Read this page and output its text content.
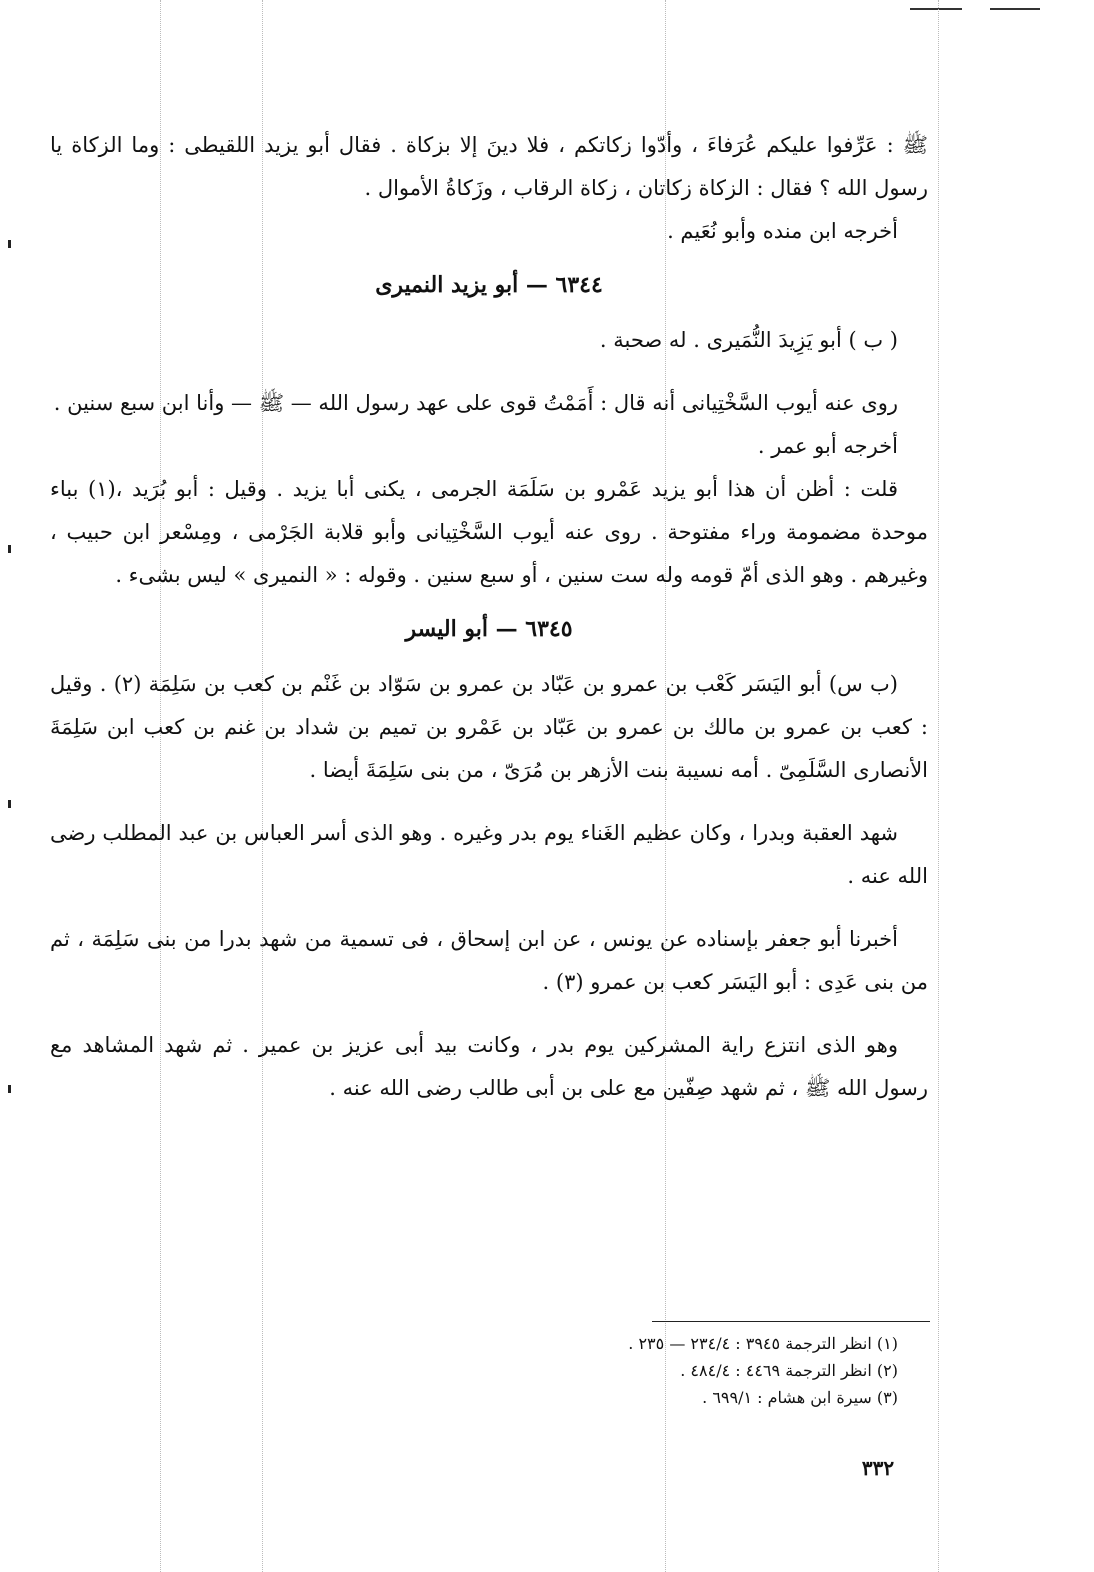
ﷺ : عَرِّفوا عليكم عُرَفاءَ ، وأدّوا زكاتكم ، فلا دينَ إلا بزكاة . فقال أبو يزيد اللقيطى : وما الزكاة يا رسول الله ؟ فقال : الزكاة زكاتان ، زكاة الرقاب ، وزَكاةُ الأموال .

أخرجه ابن منده وأبو نُعَيم .

٦٣٤٤ — أبو يزيد النميرى

( ب ) أبو يَزِيدَ النُّمَيرى . له صحبة .

روى عنه أيوب السَّخْتِيانى أنه قال : أَمَمْتُ قوى على عهد رسول الله — ﷺ — وأنا ابن سبع سنين .

أخرجه أبو عمر .

قلت : أظن أن هذا أبو يزيد عَمْرو بن سَلَمَة الجرمى ، يكنى أبا يزيد . وقيل : أبو بُرَيد ،(١) بباء موحدة مضمومة وراء مفتوحة . روى عنه أيوب السَّخْتِيانى وأبو قلابة الجَرْمى ، ومِسْعر ابن حبيب ، وغيرهم . وهو الذى أمّ قومه وله ست سنين ، أو سبع سنين . وقوله : « النميرى » ليس بشىء .

٦٣٤٥ — أبو اليسر

(ب س) أبو اليَسَر كَعْب بن عمرو بن عَبّاد بن عمرو بن سَوّاد بن غَنْم بن كعب بن سَلِمَة (٢) . وقيل : كعب بن عمرو بن مالك بن عمرو بن عَبّاد بن عَمْرو بن تميم بن شداد بن غنم بن كعب ابن سَلِمَةَ الأنصارى السَّلَمِىّ . أمه نسيبة بنت الأزهر بن مُرَىّ ، من بنى سَلِمَةَ أيضا .

شهد العقبة وبدرا ، وكان عظيم الغَناء يوم بدر وغيره . وهو الذى أسر العباس بن عبد المطلب رضى الله عنه .

أخبرنا أبو جعفر بإسناده عن يونس ، عن ابن إسحاق ، فى تسمية من شهد بدرا من بنى سَلِمَة ، ثم من بنى عَدِى : أبو اليَسَر كعب بن عمرو (٣) .

وهو الذى انتزع راية المشركين يوم بدر ، وكانت بيد أبى عزيز بن عمير . ثم شهد المشاهد مع رسول الله ﷺ ، ثم شهد صِفّين مع على بن أبى طالب رضى الله عنه .

(١) انظر الترجمة ٣٩٤٥ : ٢٣٤/٤ — ٢٣٥ .
(٢) انظر الترجمة ٤٤٦٩ : ٤٨٤/٤ .
(٣) سيرة ابن هشام : ٦٩٩/١ .
٣٣٢
